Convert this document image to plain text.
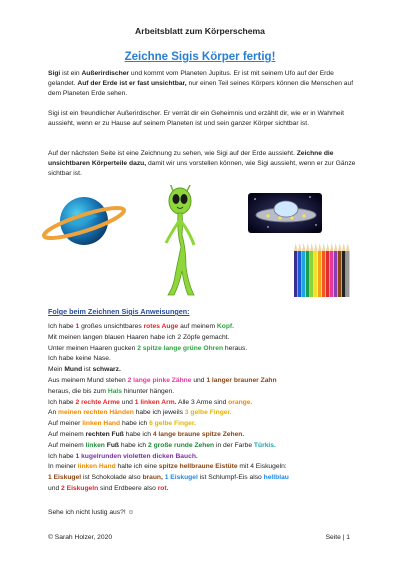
Arbeitsblatt zum Körperschema
Zeichne Sigis Körper fertig!

Sigi ist ein Außerirdischer und kommt vom Planeten Jupitus. Er ist mit seinem Ufo auf der Erde gelandet. Auf der Erde ist er fast unsichtbar, nur einen Teil seines Körpers können die Menschen auf dem Planeten Erde sehen.

Sigi ist ein freundlicher Außerirdischer. Er verrät dir ein Geheimnis und erzählt dir, wie er in Wahrheit aussieht, wenn er zu Hause auf seinem Planeten ist und sein ganzer Körper sichtbar ist.

Auf der nächsten Seite ist eine Zeichnung zu sehen, wie Sigi auf der Erde aussieht. Zeichne die unsichtbaren Körperteile dazu, damit wir uns vorstellen können, wie Sigi aussieht, wenn er zur Gänze sichtbar ist.

Folge beim Zeichnen Sigis Anweisungen:
Ich habe 1 großes unsichtbares rotes Auge auf meinem Kopf.
Mit meinen langen blauen Haaren habe ich 2 Zöpfe gemacht.
Unter meinen Haaren gucken 2 spitze lange grüne Ohren heraus.
Ich habe keine Nase.
Mein Mund ist schwarz.
Aus meinem Mund stehen 2 lange pinke Zähne und 1 langer brauner Zahn
heraus, die bis zum Hals hinunter hängen.
Ich habe 2 rechte Arme und 1 linken Arm. Alle 3 Arme sind orange.
An meinen rechten Händen habe ich jeweils 3 gelbe Finger.
Auf meiner linken Hand habe ich 6 gelbe Finger.
Auf meinem rechten Fuß habe ich 4 lange braune spitze Zehen.
Auf meinem linken Fuß habe ich 2 große runde Zehen in der Farbe Türkis.
Ich habe 1 kugelrunden violetten dicken Bauch.
In meiner linken Hand halte ich eine spitze hellbraune Eistüte mit 4 Eiskugeln:
1 Eiskugel ist Schokolade also braun, 1 Eiskugel ist Schlumpf-Eis also hellblau
und 2 Eiskugeln sind Erdbeere also rot.
Sehe ich nicht lustig aus?! ☺
© Sarah Holzer, 2020	Seite | 1
